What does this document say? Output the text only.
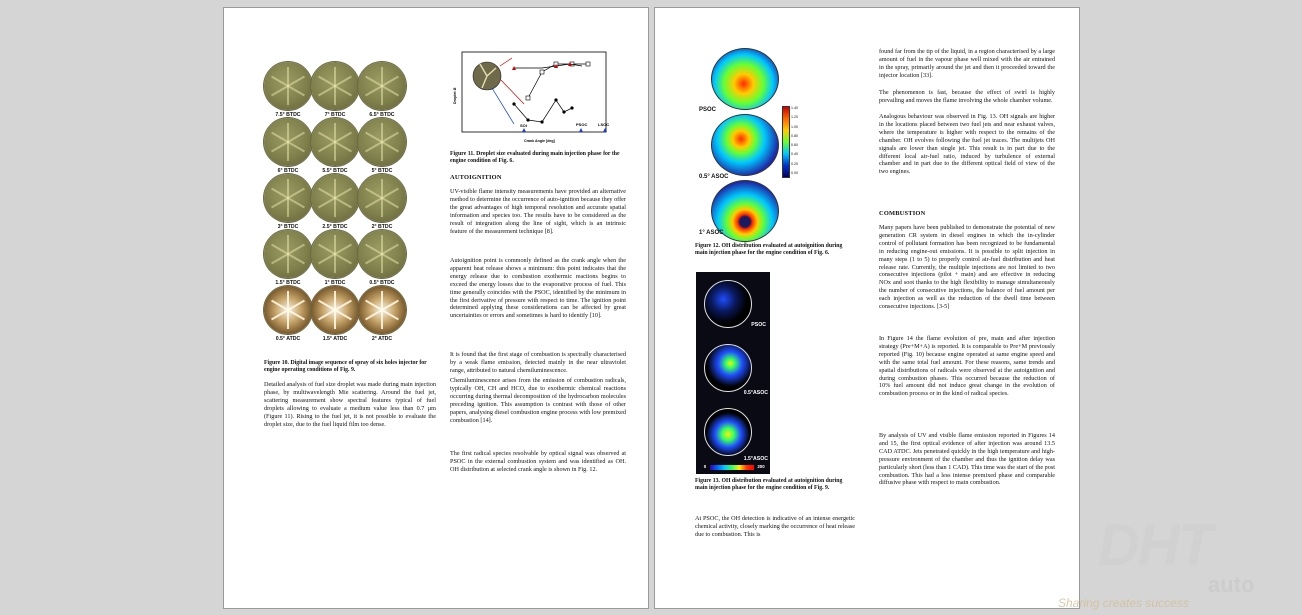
7.5° BTDC	7° BTDC	6.5° BTDC
6° BTDC	5.5° BTDC	5° BTDC
3° BTDC	2.5° BTDC	2° BTDC
1.5° BTDC	1° BTDC	0.5° BTDC
0.5° ATDC	1.5° ATDC	2° ATDC
Figure 10. Digital image sequence of spray of six holes injector for engine operating conditions of Fig. 9.
Detailed analysis of fuel size droplet was made during main injection phase, by multiwavelength Mie scattering. Around the fuel jet, scattering measurement show spectral features typical of fuel droplets allowing to evaluate a medium value less than 0.7 µm (Figure 11). Rising to the fuel jet, it is not possible to evaluate the droplet size, due to the fuel liquid film too dense.
SOI	PSOC	LSOC
Crank Angle [deg]
Droplet Ø
Figure 11. Droplet size evaluated during main injection phase for the engine condition of Fig. 6.
AUTOIGNITION
UV-visible flame intensity measurements have provided an alternative method to determine the occurrence of auto-ignition because they offer the great advantages of high temporal resolution and accurate spatial information and species too. The results have to be considered as the result of integration along the line of sight, which is an intrinsic feature of the measurement technique [8].
Autoignition point is commonly defined as the crank angle when the apparent heat release shows a minimum: this point indicates that the energy release due to combustion exothermic reactions begins to exceed the energy losses due to the evaporative process of fuel. This time generally coincides with the PSOC, identified by the minimum in the first derivative of pressure with respect to time. The ignition point determined applying these considerations can be affected by great uncertainties or errors and sometimes is hard to identify [10].
It is found that the first stage of combustion is spectrally characterised by a weak flame emission, detected mainly in the near ultraviolet range, attributed to natural chemiluminescence.
Chemiluminescence arises from the emission of combustion radicals, typically OH, CH and HCO, due to exothermic chemical reactions occurring during thermal decomposition of the hydrocarbon molecules preceding ignition. This assumption is contrast with those of other papers, analysing diesel combustion engine process with low premixed combustion [14].
The first radical species resolvable by optical signal was observed at PSOC in the external combustion system and was identified as OH. OH distribution at selected crank angle is shown in Fig. 12.
PSOC
0.5° ASOC
1° ASOC
1.40
1.20
1.00
0.80
0.60
0.40
0.20
0.00
Figure 12. OH distribution evaluated at autoignition during main injection phase for the engine condition of Fig. 6.
PSOC
0.5°ASOC
1.5°ASOC
0	200
Figure 13. OH distribution evaluated at autoignition during main injection phase for the engine condition of Fig. 9.
At PSOC, the OH detection is indicative of an intense energetic chemical activity, closely marking the occurrence of heat release due to combustion. This is
found far from the tip of the liquid, in a region characterised by a large amount of fuel in the vapour phase well mixed with the air entrained in the spray, primarily around the jet and then it proceeded toward the injector location [33].
The phenomenon is fast, because the effect of swirl is highly prevailing and moves the flame involving the whole chamber volume.
Analogous behaviour was observed in Fig. 13. OH signals are higher in the locations placed between two fuel jets and near exhaust valves, where the temperature is higher with respect to the remains of the chamber. OH evolves following the fuel jet traces. The multijets OH signals are lower than single jet. This result is in part due to the different local air-fuel ratio, induced by turbulence of external chamber and in part due to the different optical field of view of the two engines.
COMBUSTION
Many papers have been published to demonstrate the potential of new generation CR system in diesel engines in which the in-cylinder control of pollutant formation has been recognized to be fundamental in reducing engine-out emissions. It is possible to split injection in many steps (1 to 5) to properly control air-fuel distribution and heat release rate. Currently, the multiple injections are not limited to two consecutive injections (pilot + main) and are effective in reducing NOx and soot thanks to the high flexibility to manage simultaneously the number of consecutive injections, the balance of fuel amount per each injection as well as the reduction of the dwell time between consecutive injections. [3-5]
In Figure 14 the flame evolution of pre, main and after injection strategy (Pre+M+A) is reported. It is comparable to Pre+M previously reported (Fig. 10) because engine operated at same engine speed and with the same total fuel amount. For these reasons, same trends and spatial distributions of radicals were observed at the autoignition and during combustion phases. This occurred because the reduction of 10% fuel amount did not induce great change in the evolution of combustion process or in the kind of radical species.
By analysis of UV and visible flame emission reported in Figures 14 and 15, the first optical evidence of after injection was around 13.5 CAD ATDC. Jets penetrated quickly in the high temperature and high-pressure environment of the chamber and thus the ignition delay was particularly short (less than 1 CAD). This time was the start of the post combustion. This had a less intense premixed phase and comparable diffusive phase with respect to main combustion.
DHT
auto
Sharing creates success
